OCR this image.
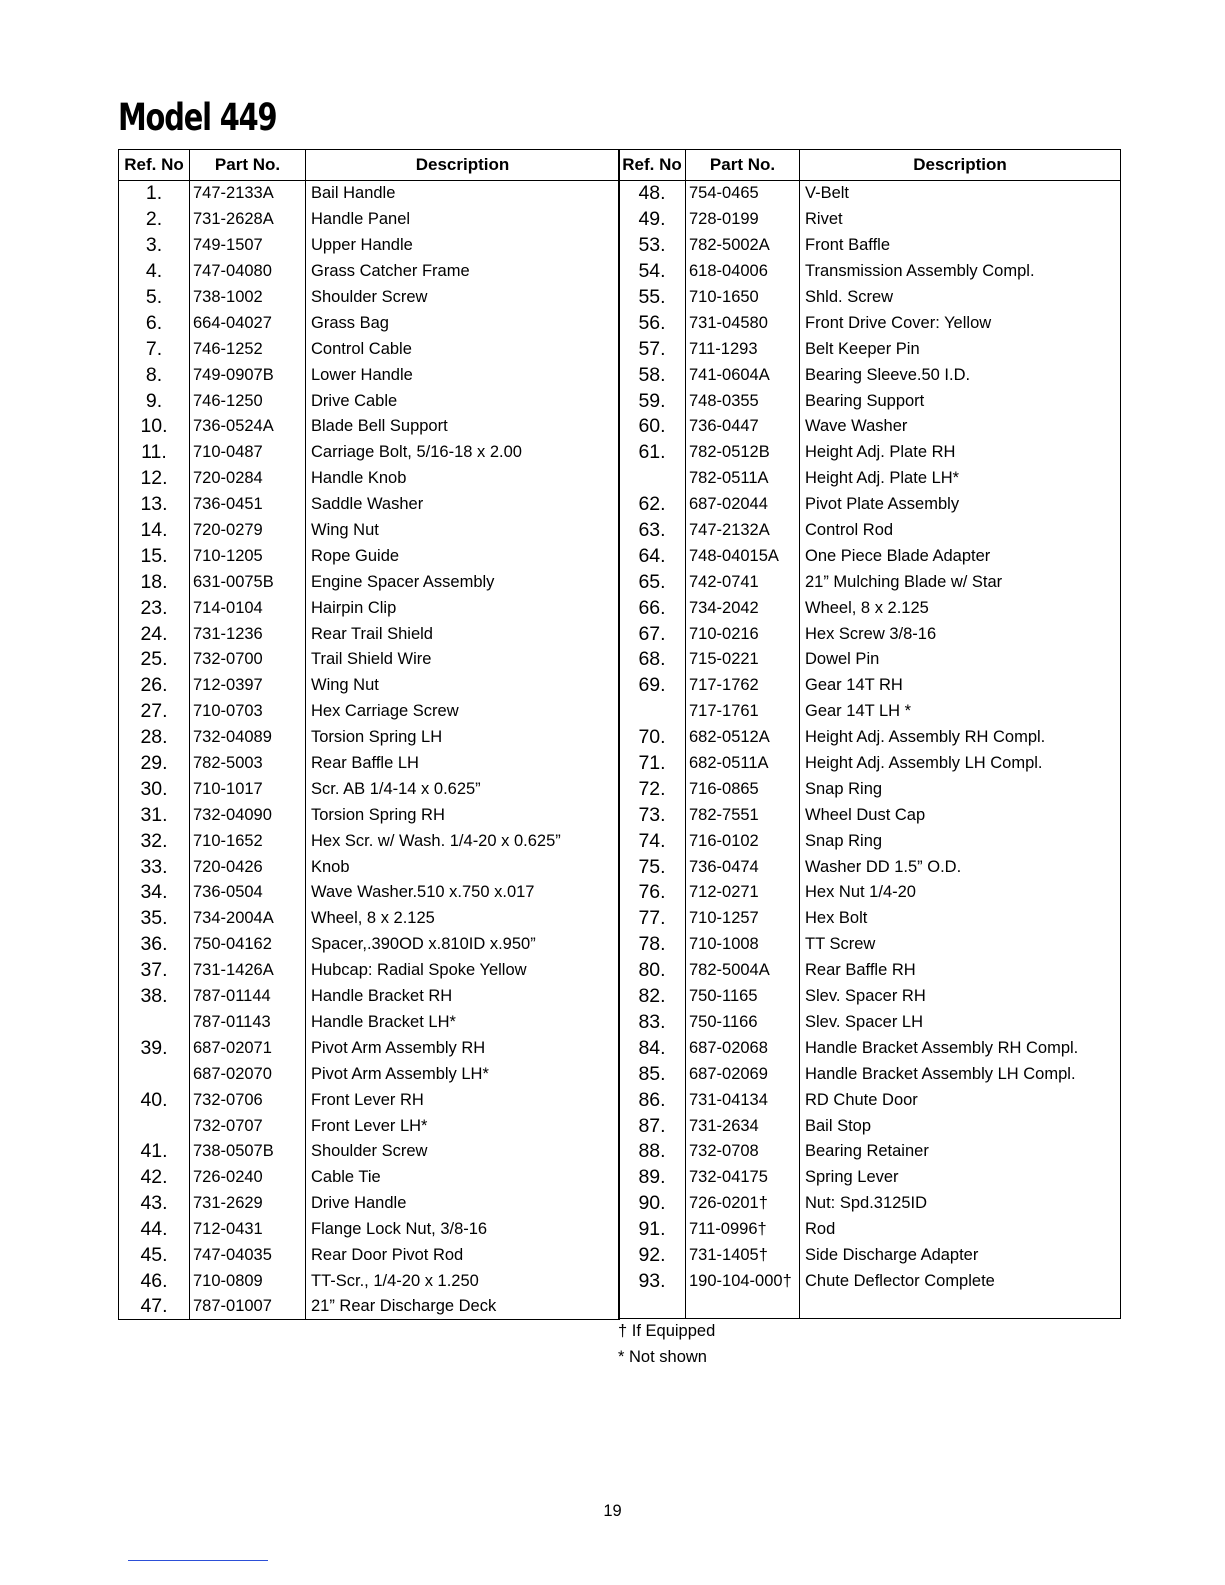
Model 449
Ref. No	Part No.	Description
1.	747-2133A	Bail Handle
2.	731-2628A	Handle Panel
3.	749-1507	Upper Handle
4.	747-04080	Grass Catcher Frame
5.	738-1002	Shoulder Screw
6.	664-04027	Grass Bag
7.	746-1252	Control Cable
8.	749-0907B	Lower Handle
9.	746-1250	Drive Cable
10.	736-0524A	Blade Bell Support
11.	710-0487	Carriage Bolt, 5/16-18 x 2.00
12.	720-0284	Handle Knob
13.	736-0451	Saddle Washer
14.	720-0279	Wing Nut
15.	710-1205	Rope Guide
18.	631-0075B	Engine Spacer Assembly
23.	714-0104	Hairpin Clip
24.	731-1236	Rear Trail Shield
25.	732-0700	Trail Shield Wire
26.	712-0397	Wing Nut
27.	710-0703	Hex Carriage Screw
28.	732-04089	Torsion Spring LH
29.	782-5003	Rear Baffle LH
30.	710-1017	Scr. AB 1/4-14 x 0.625”
31.	732-04090	Torsion Spring RH
32.	710-1652	Hex Scr. w/ Wash. 1/4-20 x 0.625”
33.	720-0426	Knob
34.	736-0504	Wave Washer.510 x.750 x.017
35.	734-2004A	Wheel, 8 x 2.125
36.	750-04162	Spacer,.390OD x.810ID x.950”
37.	731-1426A	Hubcap: Radial Spoke Yellow
38.	787-01144	Handle Bracket RH
	787-01143	Handle Bracket LH*
39.	687-02071	Pivot Arm Assembly RH
	687-02070	Pivot Arm Assembly LH*
40.	732-0706	Front Lever RH
	732-0707	Front Lever LH*
41.	738-0507B	Shoulder Screw
42.	726-0240	Cable Tie
43.	731-2629	Drive Handle
44.	712-0431	Flange Lock Nut, 3/8-16
45.	747-04035	Rear Door Pivot Rod
46.	710-0809	TT-Scr., 1/4-20 x 1.250
47.	787-01007	21” Rear Discharge Deck
Ref. No	Part No.	Description
48.	754-0465	V-Belt
49.	728-0199	Rivet
53.	782-5002A	Front Baffle
54.	618-04006	Transmission Assembly Compl.
55.	710-1650	Shld. Screw
56.	731-04580	Front Drive Cover: Yellow
57.	711-1293	Belt Keeper Pin
58.	741-0604A	Bearing Sleeve.50 I.D.
59.	748-0355	Bearing Support
60.	736-0447	Wave Washer
61.	782-0512B	Height Adj. Plate RH
	782-0511A	Height Adj. Plate LH*
62.	687-02044	Pivot Plate Assembly
63.	747-2132A	Control Rod
64.	748-04015A	One Piece Blade Adapter
65.	742-0741	21” Mulching Blade w/ Star
66.	734-2042	Wheel, 8 x 2.125
67.	710-0216	Hex Screw 3/8-16
68.	715-0221	Dowel Pin
69.	717-1762	Gear 14T RH
	717-1761	Gear 14T LH *
70.	682-0512A	Height Adj. Assembly RH Compl.
71.	682-0511A	Height Adj. Assembly LH Compl.
72.	716-0865	Snap Ring
73.	782-7551	Wheel Dust Cap
74.	716-0102	Snap Ring
75.	736-0474	Washer DD 1.5” O.D.
76.	712-0271	Hex Nut 1/4-20
77.	710-1257	Hex Bolt
78.	710-1008	TT Screw
80.	782-5004A	Rear Baffle RH
82.	750-1165	Slev. Spacer RH
83.	750-1166	Slev. Spacer LH
84.	687-02068	Handle Bracket Assembly RH Compl.
85.	687-02069	Handle Bracket Assembly LH Compl.
86.	731-04134	RD Chute Door
87.	731-2634	Bail Stop
88.	732-0708	Bearing Retainer
89.	732-04175	Spring Lever
90.	726-0201†	Nut: Spd.3125ID
91.	711-0996†	Rod
92.	731-1405†	Side Discharge Adapter
93.	190-104-000†	Chute Deflector Complete

† If Equipped
* Not shown
19
